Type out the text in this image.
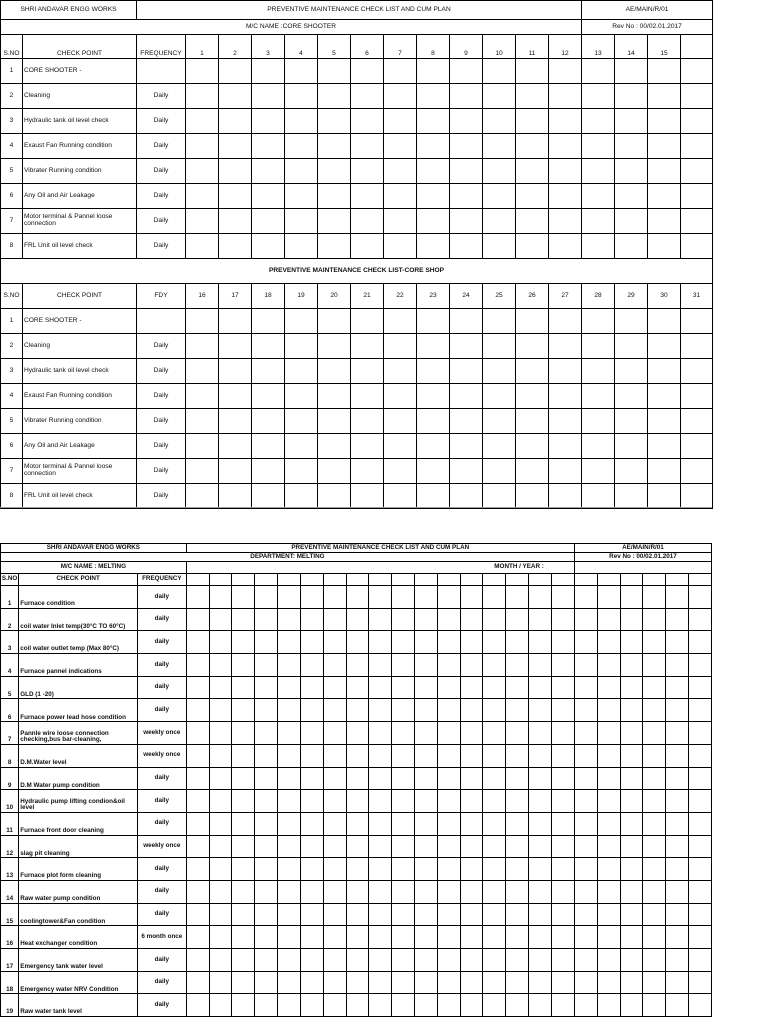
SHRI ANDAVAR ENGG WORKS		PREVENTIVE MAINTENANCE CHECK LIST AND CUM PLAN													AE/MAIN/R/01			
M/C NAME :CORE SHOOTER															Rev No : 00/02.01.2017			
S.NO	CHECK POINT	FREQUENCY	1	2	3	4	5	6	7	8	9	10	11	12	13	14	15	
1	CORE SHOOTER -																	
2	Cleaning	Daily																
3	Hydraulic tank oil level check	Daily																
4	Exaust Fan Running condition	Daily																
5	Vibrater Running condition	Daily																
6	Any Oil and Air Leakage	Daily																
7	Motor terminal & Pannel loose connection	Daily																
8	FRL Unit oil level check	Daily																
PREVENTIVE MAINTENANCE CHECK LIST-CORE SHOP																		
S.NO	CHECK POINT	FDY	16	17	18	19	20	21	22	23	24	25	26	27	28	29	30	31
1	CORE SHOOTER -																	
2	Cleaning	Daily																
3	Hydraulic tank oil level check	Daily																
4	Exaust Fan Running condition	Daily																
5	Vibrater Running condition	Daily																
6	Any Oil and Air Leakage	Daily																
7	Motor terminal & Pannel loose connection	Daily																
8	FRL Unit oil level check	Daily																
SHRI ANDAVAR ENGG WORKS			PREVENTIVE MAINTENANCE CHECK LIST AND CUM PLAN																	AE/MAIN/R/01					
DEPARTMENT: MELTING																				Rev No : 00/02.01.2017					
M/C NAME : MELTING			MONTH / YEAR :																						
S.NO	CHECK POINT	FREQUENCY																							
1	Furnace condition	daily																							
2	coil water Inlet temp(30°C TO 60°C)	daily																							
3	coil water outlet temp (Max 80°C)	daily																							
4	Furnace pannel indications	daily																							
5	GLD (1 -20)	daily																							
6	Furnace power lead hose condition	daily																							
7	Pannle wire loose connection checking,bus bar-cleaning,	weekly once																							
8	D.M.Water level	weekly once																							
9	D.M Water pump condition	daily																							
10	Hydraulic pump lifting condion&oil level	daily																							
11	Furnace front door cleaning	daily																							
12	slag pit cleaning	weekly once																							
13	Furnace plot form cleaning	daily																							
14	Raw water pump condition	daily																							
15	coolingtower&Fan condition	daily																							
16	Heat exchanger condition	6 month once																							
17	Emergency tank water level	daily																							
18	Emergency water NRV Condition	daily																							
19	Raw water tank level	daily																							
